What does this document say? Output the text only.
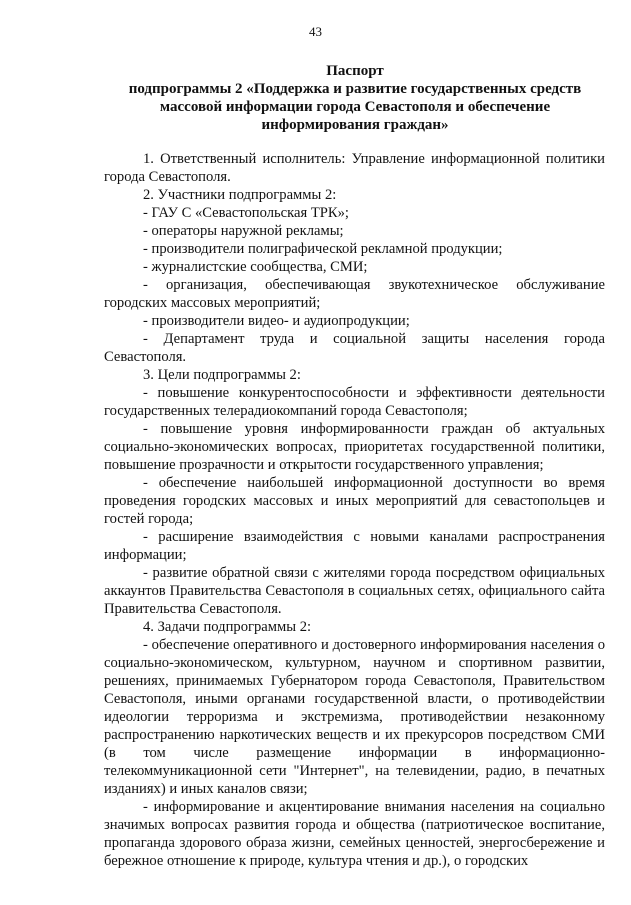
43
Паспорт
подпрограммы 2 «Поддержка и развитие государственных средств массовой информации города Севастополя и обеспечение информирования граждан»

1. Ответственный исполнитель: Управление информационной политики города Севастополя.

2. Участники подпрограммы 2:

- ГАУ С «Севастопольская ТРК»;

- операторы наружной рекламы;

- производители полиграфической рекламной продукции;

- журналистские сообщества, СМИ;

- организация, обеспечивающая звукотехническое обслуживание городских массовых мероприятий;

- производители видео- и аудиопродукции;

- Департамент труда и социальной защиты населения города Севастополя.

3. Цели подпрограммы 2:

- повышение конкурентоспособности и эффективности деятельности государственных телерадиокомпаний города Севастополя;

- повышение уровня информированности граждан об актуальных социально-экономических вопросах, приоритетах государственной политики, повышение прозрачности и открытости государственного управления;

- обеспечение наибольшей информационной доступности во время проведения городских массовых и иных мероприятий для севастопольцев и гостей города;

- расширение взаимодействия с новыми каналами распространения информации;

- развитие обратной связи с жителями города посредством официальных аккаунтов Правительства Севастополя в социальных сетях, официального сайта Правительства Севастополя.

4. Задачи подпрограммы 2:

- обеспечение оперативного и достоверного информирования населения о социально-экономическом, культурном, научном и спортивном развитии, решениях, принимаемых Губернатором города Севастополя, Правительством Севастополя, иными органами государственной власти, о противодействии идеологии терроризма и экстремизма, противодействии незаконному распространению наркотических веществ и их прекурсоров посредством СМИ (в том числе размещение информации в информационно-телекоммуникационной сети "Интернет", на телевидении, радио, в печатных изданиях) и иных каналов связи;

- информирование и акцентирование внимания населения на социально значимых вопросах развития города и общества (патриотическое воспитание, пропаганда здорового образа жизни, семейных ценностей, энергосбережение и бережное отношение к природе, культура чтения и др.), о городских
